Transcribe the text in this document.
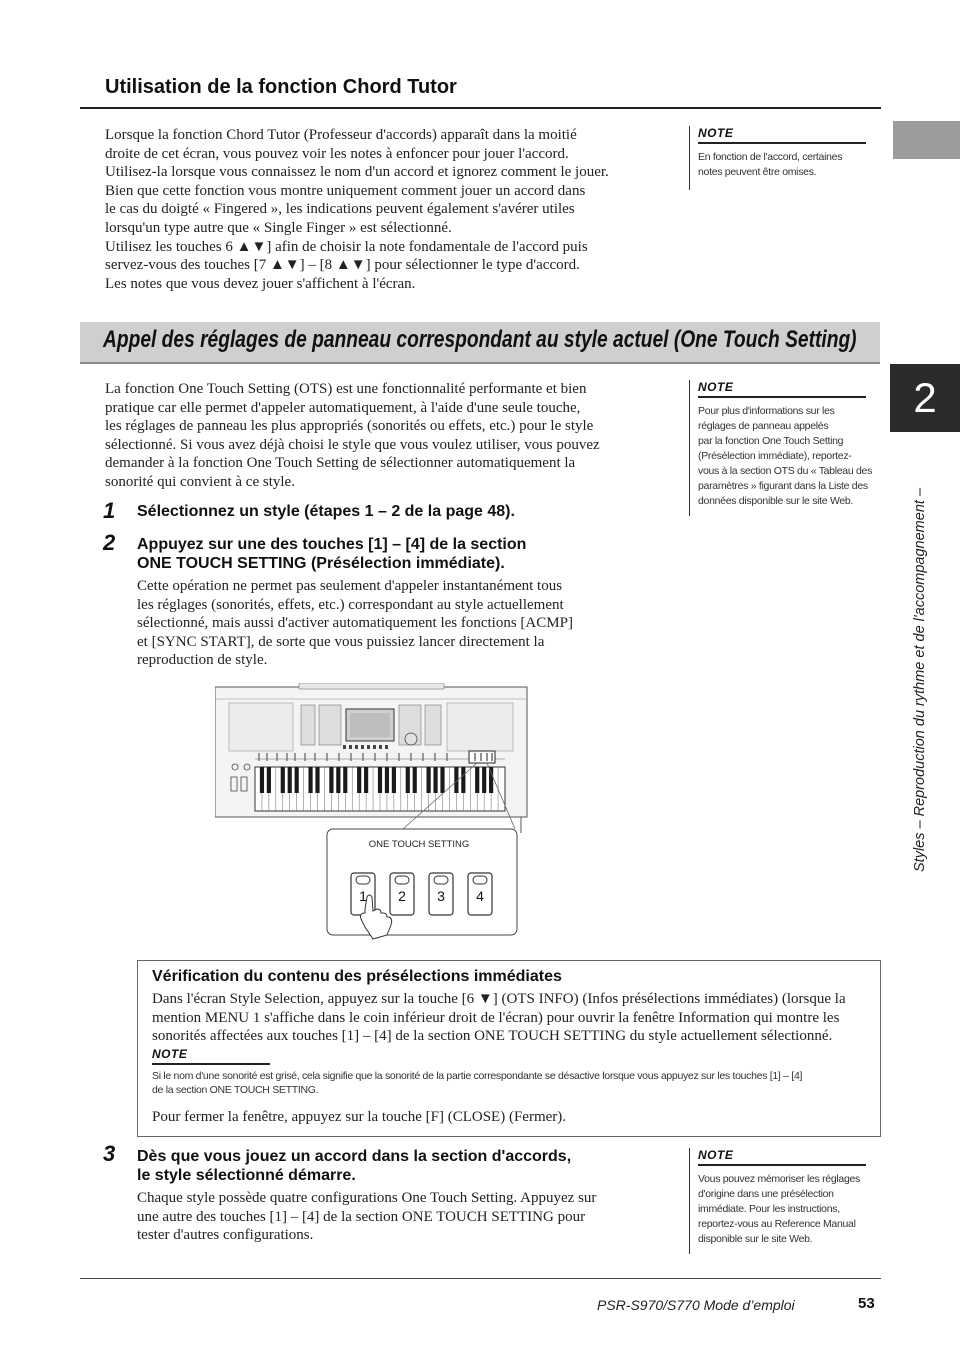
Utilisation de la fonction Chord Tutor

Lorsque la fonction Chord Tutor (Professeur d'accords) apparaît dans la moitié

droite de cet écran, vous pouvez voir les notes à enfoncer pour jouer l'accord.

Utilisez-la lorsque vous connaissez le nom d'un accord et ignorez comment le jouer.

Bien que cette fonction vous montre uniquement comment jouer un accord dans

le cas du doigté « Fingered », les indications peuvent également s'avérer utiles

lorsqu'un type autre que « Single Finger » est sélectionné.

Utilisez les touches 6 ▲▼] afin de choisir la note fondamentale de l'accord puis

servez-vous des touches [7 ▲▼] – [8 ▲▼] pour sélectionner le type d'accord.

Les notes que vous devez jouer s'affichent à l'écran.

NOTE
En fonction de l'accord, certaines
notes peuvent être omises.
Appel des réglages de panneau correspondant au style actuel (One Touch Setting)
2
Styles – Reproduction du rythme et de l'accompagnement –
La fonction One Touch Setting (OTS) est une fonctionnalité performante et bien
pratique car elle permet d'appeler automatiquement, à l'aide d'une seule touche,
les réglages de panneau les plus appropriés (sonorités ou effets, etc.) pour le style
sélectionné. Si vous avez déjà choisi le style que vous voulez utiliser, vous pouvez
demander à la fonction One Touch Setting de sélectionner automatiquement la
sonorité qui convient à ce style.
NOTE
Pour plus d'informations sur les
réglages de panneau appelés
par la fonction One Touch Setting
(Présélection immédiate), reportez-
vous à la section OTS du « Tableau des
paramètres » figurant dans la Liste des
données disponible sur le site Web.
1 Sélectionnez un style (étapes 1 – 2 de la page 48).
2 Appuyez sur une des touches [1] – [4] de la section
ONE TOUCH SETTING (Présélection immédiate).
Cette opération ne permet pas seulement d'appeler instantanément tous
les réglages (sonorités, effets, etc.) correspondant au style actuellement
sélectionné, mais aussi d'activer automatiquement les fonctions [ACMP]
et [SYNC START], de sorte que vous puissiez lancer directement la
reproduction de style.
ONE TOUCH SETTING
1 2 3 4
Vérification du contenu des présélections immédiates
Dans l'écran Style Selection, appuyez sur la touche [6 ▼] (OTS INFO) (Infos présélections immédiates) (lorsque la
mention MENU 1 s'affiche dans le coin inférieur droit de l'écran) pour ouvrir la fenêtre Information qui montre les
sonorités affectées aux touches [1] – [4] de la section ONE TOUCH SETTING du style actuellement sélectionné.
NOTE
Si le nom d'une sonorité est grisé, cela signifie que la sonorité de la partie correspondante se désactive lorsque vous appuyez sur les touches [1] – [4]
de la section ONE TOUCH SETTING.
Pour fermer la fenêtre, appuyez sur la touche [F] (CLOSE) (Fermer).
3 Dès que vous jouez un accord dans la section d'accords,
le style sélectionné démarre.
Chaque style possède quatre configurations One Touch Setting. Appuyez sur
une autre des touches [1] – [4] de la section ONE TOUCH SETTING pour
tester d'autres configurations.
NOTE
Vous pouvez mémoriser les réglages
d'origine dans une présélection
immédiate. Pour les instructions,
reportez-vous au Reference Manual
disponible sur le site Web.
PSR-S970/S770 Mode d’emploi	53
